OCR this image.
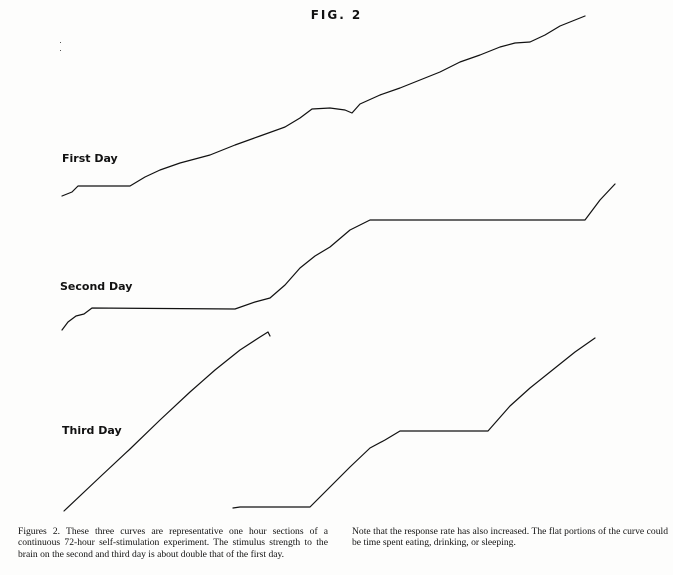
FIG. 2
First Day
Second Day
Third Day
Figures 2. These three curves are representative one hour sections of a continuous 72-hour self-stimulation experiment. The stimulus strength to the brain on the second and third day is about double that of the first day.
Note that the response rate has also increased. The flat portions of the curve could be time spent eating, drinking, or sleeping.
